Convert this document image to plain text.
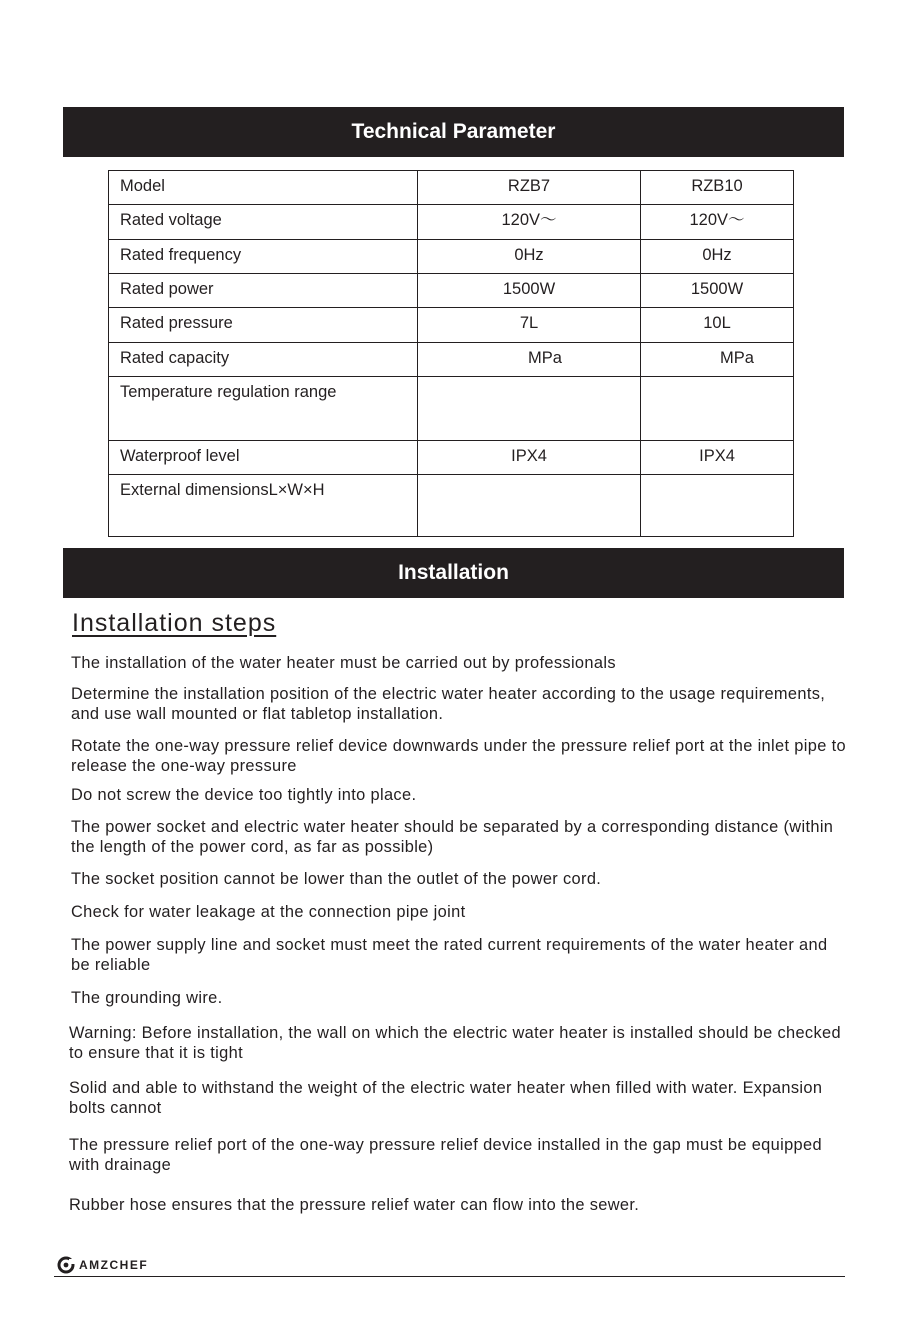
Technical Parameter
Model	RZB7	RZB10
Rated voltage	120V～	120V～
Rated frequency	0Hz	0Hz
Rated power	1500W	1500W
Rated pressure	7L	10L
Rated capacity	MPa	MPa
Temperature regulation range		
Waterproof level	IPX4	IPX4
External dimensionsL×W×H		
Installation
Installation steps
The installation of the water heater must be carried out by professionals
Determine the installation position of the electric water heater according to the usage requirements, and use wall mounted or flat tabletop installation.
Rotate the one-way pressure relief device downwards under the pressure relief port at the inlet pipe to release the one-way pressure
Do not screw the device too tightly into place.
The power socket and electric water heater should be separated by a corresponding distance (within the length of the power cord, as far as possible)
The socket position cannot be lower than the outlet of the power cord.
Check for water leakage at the connection pipe joint
The power supply line and socket must meet the rated current requirements of the water heater and be reliable
The grounding wire.
Warning: Before installation, the wall on which the electric water heater is installed should be checked to ensure that it is tight
Solid and able to withstand the weight of the electric water heater when filled with water. Expansion bolts cannot
The pressure relief port of the one-way pressure relief device installed in the gap must be equipped with drainage
Rubber hose ensures that the pressure relief water can flow into the sewer.
AMZCHEF
